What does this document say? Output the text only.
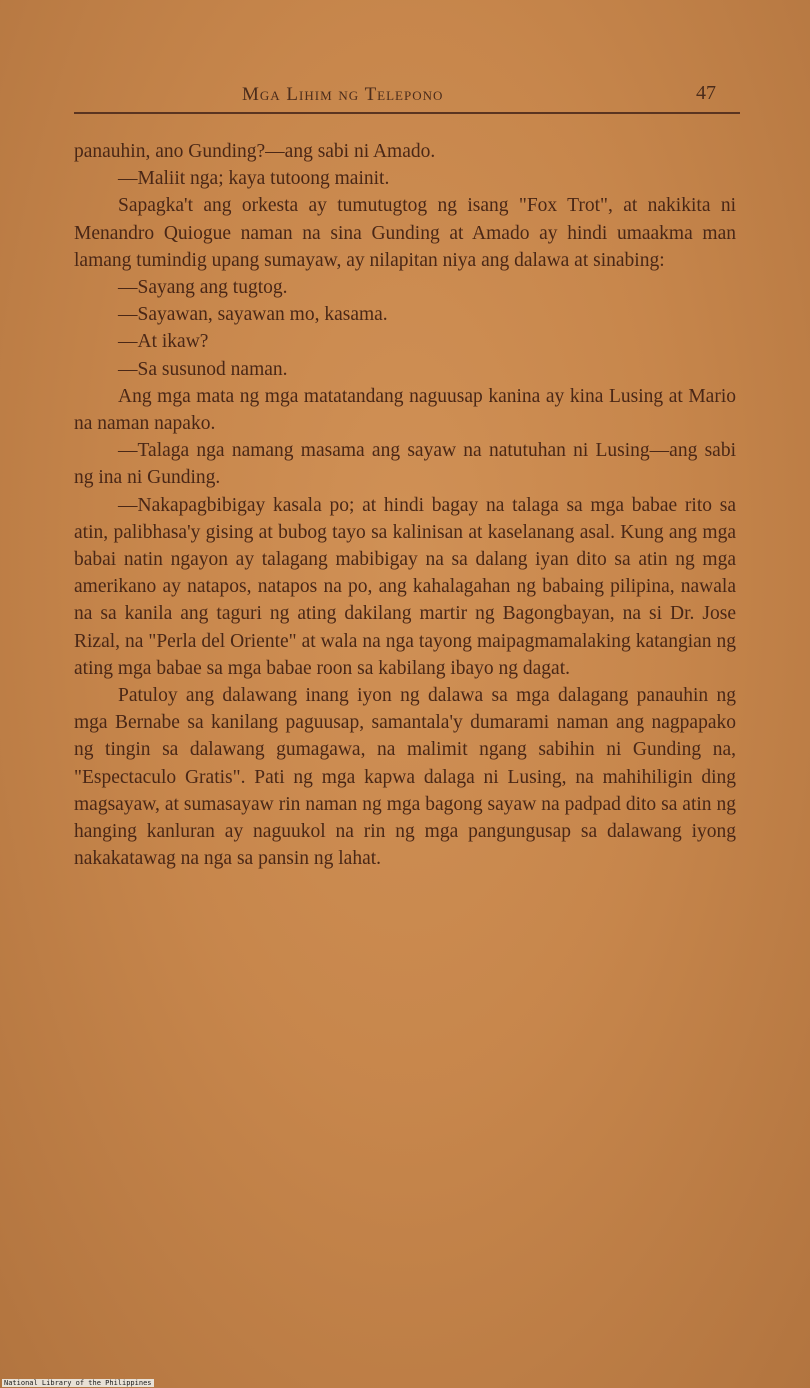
Mga Lihim ng Telepono	47

panauhin, ano Gunding?—ang sabi ni Amado.

—Maliit nga; kaya tutoong mainit.

Sapagka't ang orkesta ay tumutugtog ng isang "Fox Trot", at nakikita ni Menandro Quiogue naman na sina Gunding at Amado ay hindi umaakma man lamang tumindig upang sumayaw, ay nilapitan niya ang dalawa at sinabing:

—Sayang ang tugtog.

—Sayawan, sayawan mo, kasama.

—At ikaw?

—Sa susunod naman.

Ang mga mata ng mga matatandang naguusap kanina ay kina Lusing at Mario na naman napako.

—Talaga nga namang masama ang sayaw na natutuhan ni Lusing—ang sabi ng ina ni Gunding.

—Nakapagbibigay kasala po; at hindi bagay na talaga sa mga babae rito sa atin, palibhasa'y gising at bubog tayo sa kalinisan at kaselanang asal. Kung ang mga babai natin ngayon ay talagang mabibigay na sa dalang iyan dito sa atin ng mga amerikano ay natapos, natapos na po, ang kahalagahan ng babaing pilipina, nawala na sa kanila ang taguri ng ating dakilang martir ng Bagongbayan, na si Dr. Jose Rizal, na "Perla del Oriente" at wala na nga tayong maipagmamalaking katangian ng ating mga babae sa mga babae roon sa kabilang ibayo ng dagat.

Patuloy ang dalawang inang iyon ng dalawa sa mga dalagang panauhin ng mga Bernabe sa kanilang paguusap, samantala'y dumarami naman ang nagpapako ng tingin sa dalawang gumagawa, na malimit ngang sabihin ni Gunding na, "Espectaculo Gratis". Pati ng mga kapwa dalaga ni Lusing, na mahihiligin ding magsayaw, at sumasayaw rin naman ng mga bagong sayaw na padpad dito sa atin ng hanging kanluran ay naguukol na rin ng mga pangungusap sa dalawang iyong nakakatawag na nga sa pansin ng lahat.

National Library of the Philippines
